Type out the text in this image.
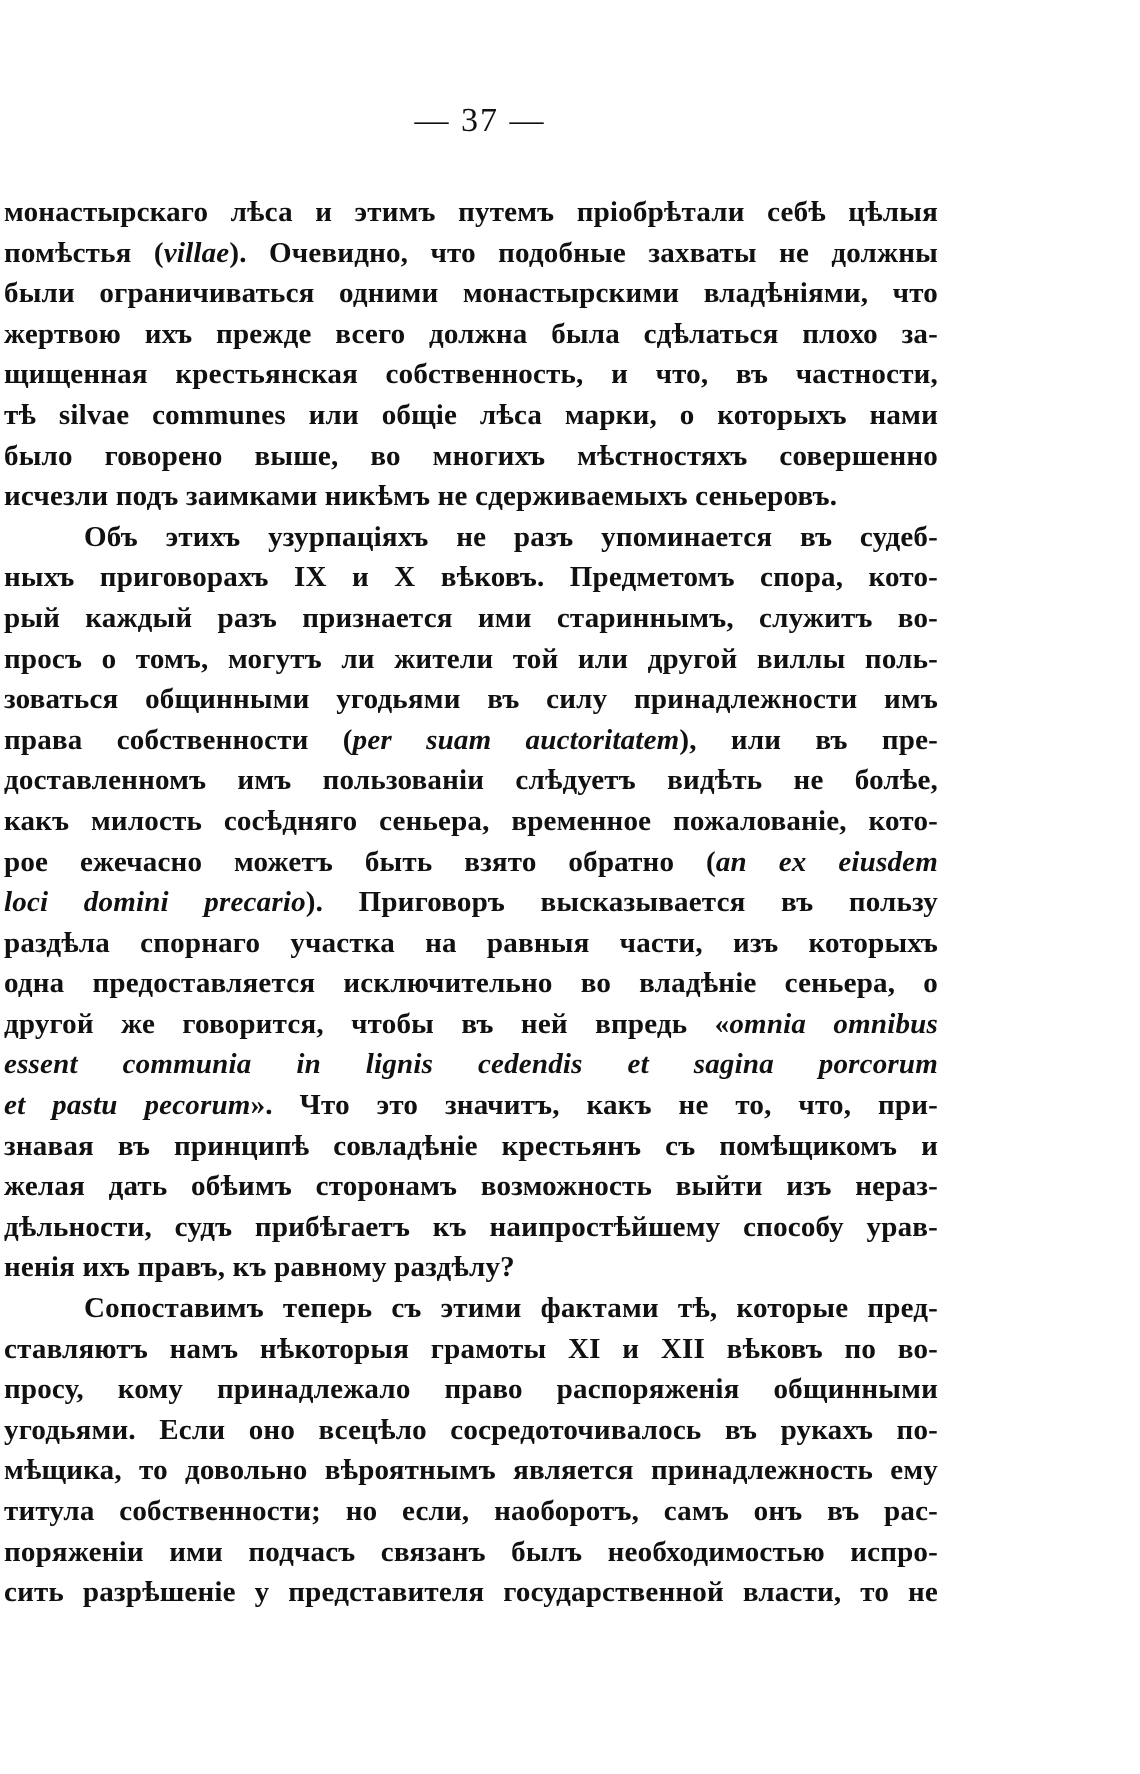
— 37 —
монастырскаго лѣса и этимъ путемъ пріобрѣтали себѣ цѣлыя
помѣстья (villae). Очевидно, что подобные захваты не должны
были ограничиваться одними монастырскими владѣніями, что
жертвою ихъ прежде всего должна была сдѣлаться плохо за-
щищенная крестьянская собственность, и что, въ частности,
тѣ silvae communes или общіе лѣса марки, о которыхъ нами
было говорено выше, во многихъ мѣстностяхъ совершенно
исчезли подъ заимками никѣмъ не сдерживаемыхъ сеньеровъ.
Объ этихъ узурпаціяхъ не разъ упоминается въ судеб-
ныхъ приговорахъ IX и X вѣковъ. Предметомъ спора, кото-
рый каждый разъ признается ими стариннымъ, служитъ во-
просъ о томъ, могутъ ли жители той или другой виллы поль-
зоваться общинными угодьями въ силу принадлежности имъ
права собственности (per suam auctoritatem), или въ пре-
доставленномъ имъ пользованіи слѣдуетъ видѣть не болѣе,
какъ милость сосѣдняго сеньера, временное пожалованіе, кото-
рое ежечасно можетъ быть взято обратно (an ex eiusdem
loci domini precario). Приговоръ высказывается въ пользу
раздѣла спорнаго участка на равныя части, изъ которыхъ
одна предоставляется исключительно во владѣніе сеньера, о
другой же говорится, чтобы въ ней впредь «omnia omnibus
essent communia in lignis cedendis et sagina porcorum
et pastu pecorum». Что это значитъ, какъ не то, что, при-
знавая въ принципѣ совладѣніе крестьянъ съ помѣщикомъ и
желая дать обѣимъ сторонамъ возможность выйти изъ нераз-
дѣльности, судъ прибѣгаетъ къ наипростѣйшему способу урав-
ненія ихъ правъ, къ равному раздѣлу?
Сопоставимъ теперь съ этими фактами тѣ, которые пред-
ставляютъ намъ нѣкоторыя грамоты XI и XII вѣковъ по во-
просу, кому принадлежало право распоряженія общинными
угодьями. Если оно всецѣло сосредоточивалось въ рукахъ по-
мѣщика, то довольно вѣроятнымъ является принадлежность ему
титула собственности; но если, наоборотъ, самъ онъ въ рас-
поряженіи ими подчасъ связанъ былъ необходимостью испро-
сить разрѣшеніе у представителя государственной власти, то не
